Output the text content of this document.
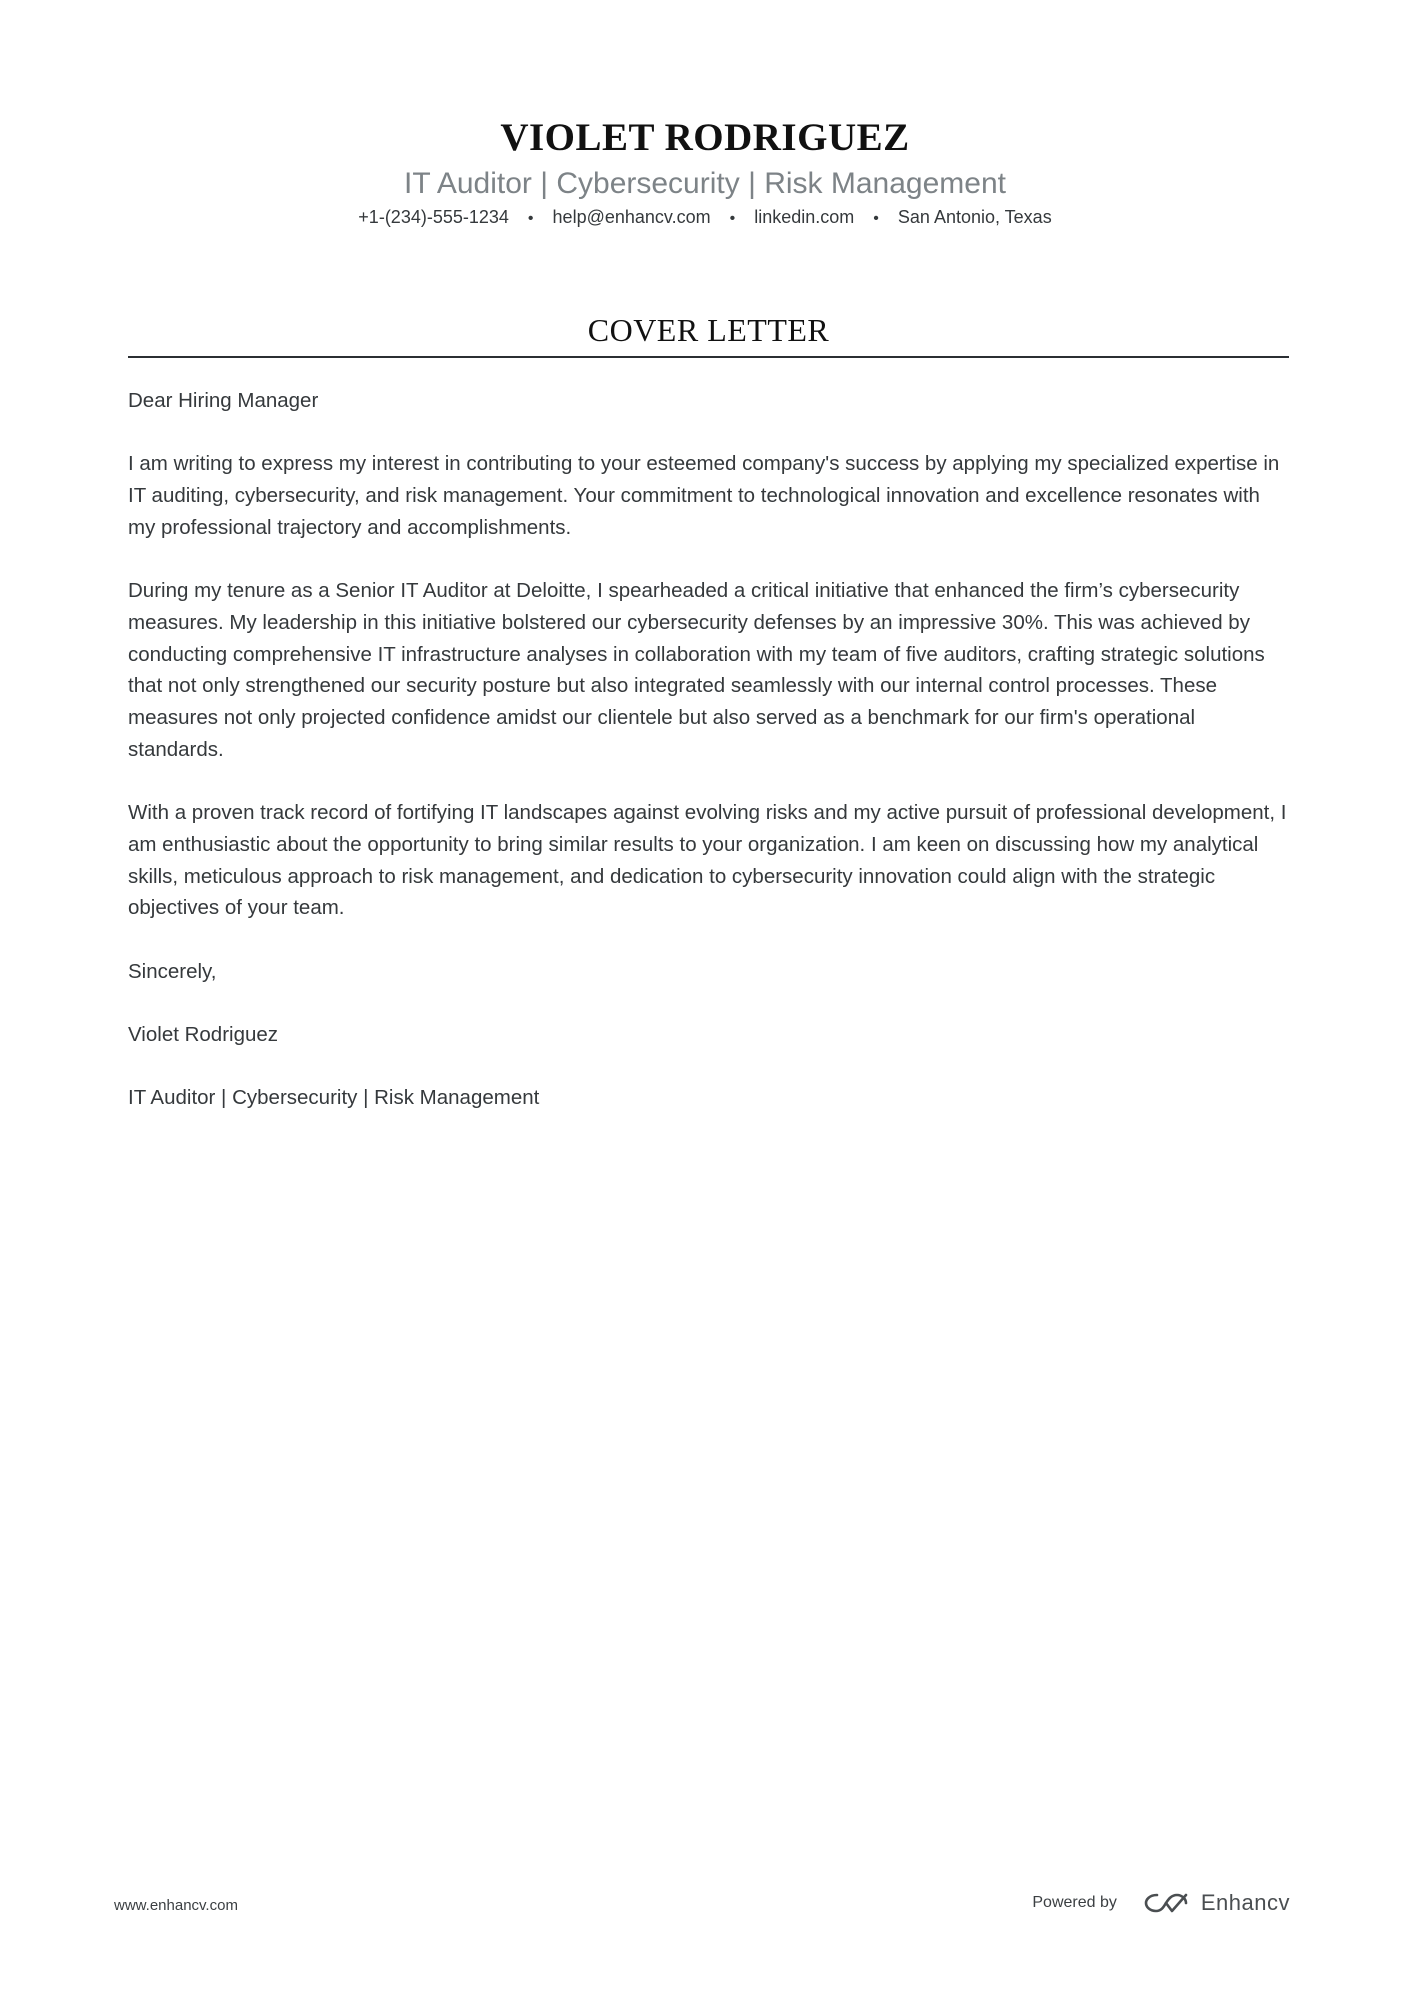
VIOLET RODRIGUEZ
IT Auditor | Cybersecurity | Risk Management
+1-(234)-555-1234 • help@enhancv.com • linkedin.com • San Antonio, Texas
COVER LETTER

Dear Hiring Manager

I am writing to express my interest in contributing to your esteemed company's success by applying my specialized expertise in IT auditing, cybersecurity, and risk management. Your commitment to technological innovation and excellence resonates with my professional trajectory and accomplishments.

During my tenure as a Senior IT Auditor at Deloitte, I spearheaded a critical initiative that enhanced the firm’s cybersecurity measures. My leadership in this initiative bolstered our cybersecurity defenses by an impressive 30%. This was achieved by conducting comprehensive IT infrastructure analyses in collaboration with my team of five auditors, crafting strategic solutions that not only strengthened our security posture but also integrated seamlessly with our internal control processes. These measures not only projected confidence amidst our clientele but also served as a benchmark for our firm's operational standards.

With a proven track record of fortifying IT landscapes against evolving risks and my active pursuit of professional development, I am enthusiastic about the opportunity to bring similar results to your organization. I am keen on discussing how my analytical skills, meticulous approach to risk management, and dedication to cybersecurity innovation could align with the strategic objectives of your team.

Sincerely,

Violet Rodriguez

IT Auditor | Cybersecurity | Risk Management

www.enhancv.com	Powered by	Enhancv
